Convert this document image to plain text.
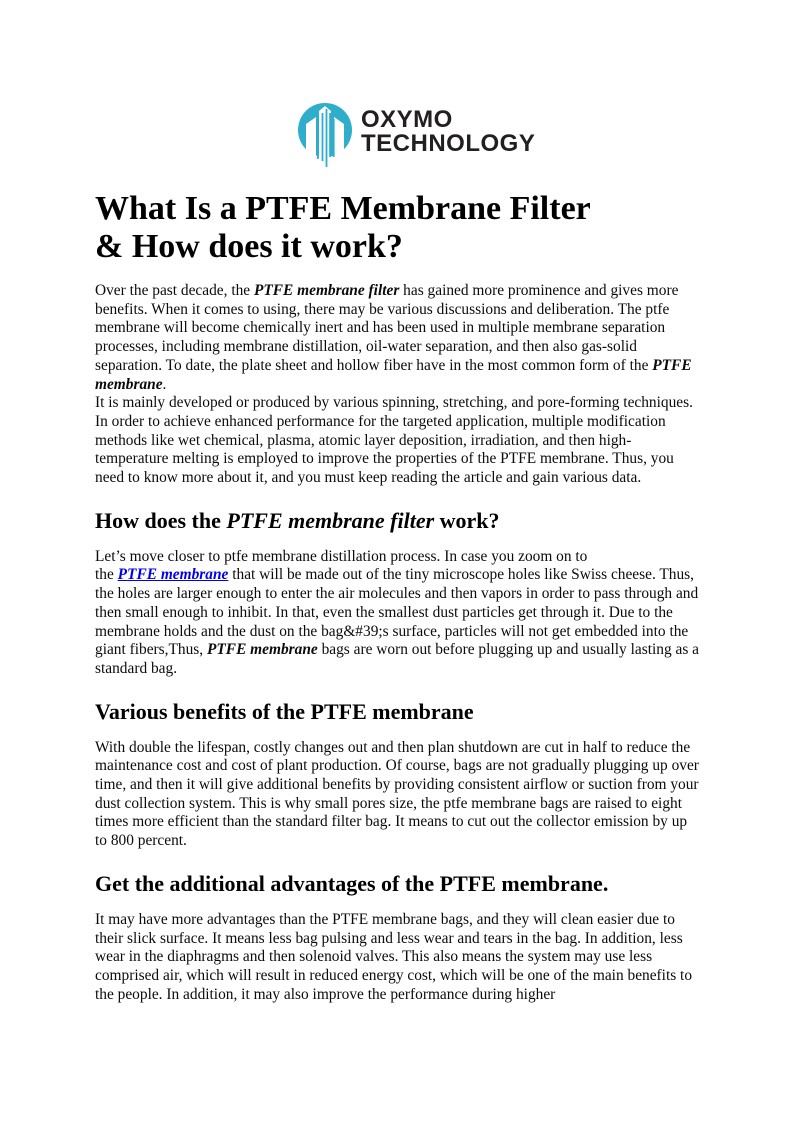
OXYMO
TECHNOLOGY
What Is a PTFE Membrane Filter
& How does it work?

Over the past decade, the PTFE membrane filter has gained more prominence and gives more benefits. When it comes to using, there may be various discussions and deliberation. The ptfe membrane will become chemically inert and has been used in multiple membrane separation processes, including membrane distillation, oil-water separation, and then also gas-solid separation. To date, the plate sheet and hollow fiber have in the most common form of the PTFE membrane.

It is mainly developed or produced by various spinning, stretching, and pore-forming techniques. In order to achieve enhanced performance for the targeted application, multiple modification methods like wet chemical, plasma, atomic layer deposition, irradiation, and then high-temperature melting is employed to improve the properties of the PTFE membrane. Thus, you need to know more about it, and you must keep reading the article and gain various data.

How does the PTFE membrane filter work?

Let’s move closer to ptfe membrane distillation process. In case you zoom on to
the PTFE membrane that will be made out of the tiny microscope holes like Swiss cheese. Thus, the holes are larger enough to enter the air molecules and then vapors in order to pass through and then small enough to inhibit. In that, even the smallest dust particles get through it. Due to the membrane holds and the dust on the bag&#39;s surface, particles will not get embedded into the giant fibers,Thus, PTFE membrane bags are worn out before plugging up and usually lasting as a standard bag.

Various benefits of the PTFE membrane

With double the lifespan, costly changes out and then plan shutdown are cut in half to reduce the maintenance cost and cost of plant production. Of course, bags are not gradually plugging up over time, and then it will give additional benefits by providing consistent airflow or suction from your dust collection system. This is why small pores size, the ptfe membrane bags are raised to eight times more efficient than the standard filter bag. It means to cut out the collector emission by up to 800 percent.

Get the additional advantages of the PTFE membrane.

It may have more advantages than the PTFE membrane bags, and they will clean easier due to their slick surface. It means less bag pulsing and less wear and tears in the bag. In addition, less wear in the diaphragms and then solenoid valves. This also means the system may use less comprised air, which will result in reduced energy cost, which will be one of the main benefits to the people. In addition, it may also improve the performance during higher
